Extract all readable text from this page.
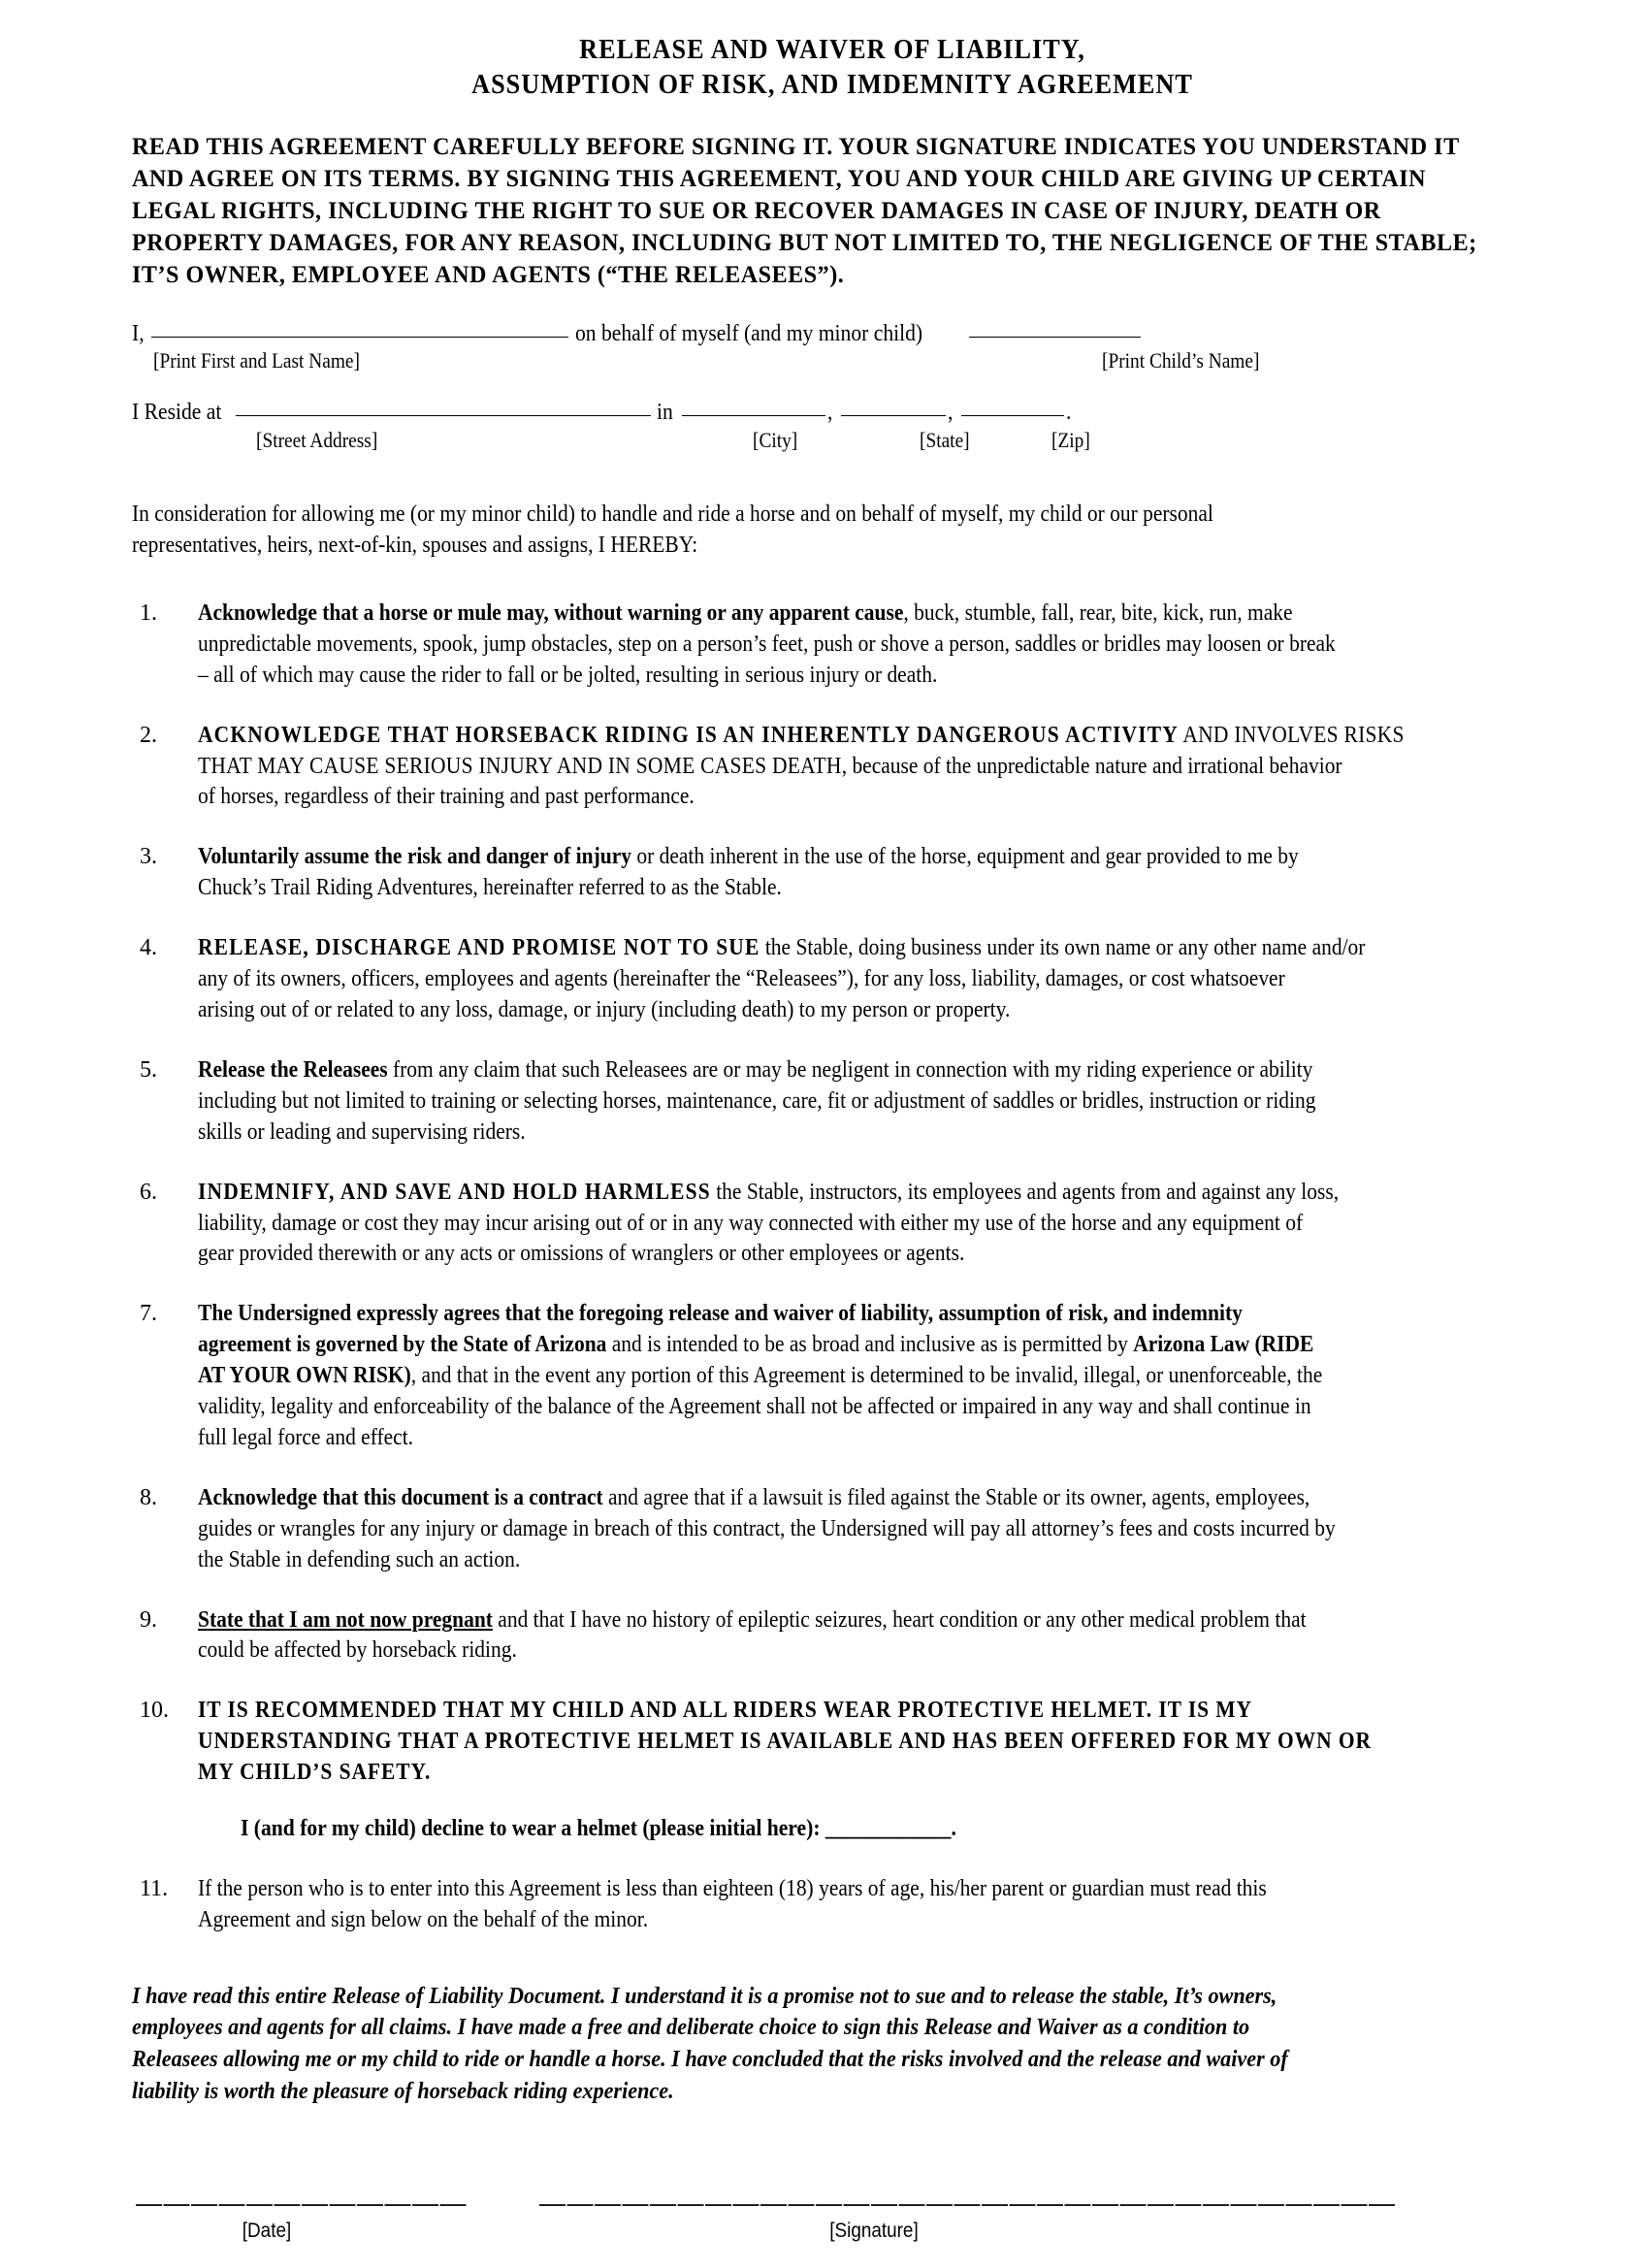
RELEASE AND WAIVER OF LIABILITY,
ASSUMPTION OF RISK, AND IMDEMNITY AGREEMENT
READ THIS AGREEMENT CAREFULLY BEFORE SIGNING IT. YOUR SIGNATURE INDICATES YOU UNDERSTAND IT
AND AGREE ON ITS TERMS. BY SIGNING THIS AGREEMENT, YOU AND YOUR CHILD ARE GIVING UP CERTAIN
LEGAL RIGHTS, INCLUDING THE RIGHT TO SUE OR RECOVER DAMAGES IN CASE OF INJURY, DEATH OR
PROPERTY DAMAGES, FOR ANY REASON, INCLUDING BUT NOT LIMITED TO, THE NEGLIGENCE OF THE STABLE;
IT’S OWNER, EMPLOYEE AND AGENTS (“THE RELEASEES”).
I,	on behalf of myself (and my minor child)
[Print First and Last Name]	[Print Child’s Name]
I Reside at	in	,	,	.
[Street Address]	[City]	[State]	[Zip]
In consideration for allowing me (or my minor child) to handle and ride a horse and on behalf of myself, my child or our personal
representatives, heirs, next-of-kin, spouses and assigns, I HEREBY:
1.	Acknowledge that a horse or mule may, without warning or any apparent cause, buck, stumble, fall, rear, bite, kick, run, make
unpredictable movements, spook, jump obstacles, step on a person’s feet, push or shove a person, saddles or bridles may loosen or break
– all of which may cause the rider to fall or be jolted, resulting in serious injury or death.
2.	ACKNOWLEDGE THAT HORSEBACK RIDING IS AN INHERENTLY DANGEROUS ACTIVITY AND INVOLVES RISKS
THAT MAY CAUSE SERIOUS INJURY AND IN SOME CASES DEATH, because of the unpredictable nature and irrational behavior
of horses, regardless of their training and past performance.
3.	Voluntarily assume the risk and danger of injury or death inherent in the use of the horse, equipment and gear provided to me by
Chuck’s Trail Riding Adventures, hereinafter referred to as the Stable.
4.	RELEASE, DISCHARGE AND PROMISE NOT TO SUE the Stable, doing business under its own name or any other name and/or
any of its owners, officers, employees and agents (hereinafter the “Releasees”), for any loss, liability, damages, or cost whatsoever
arising out of or related to any loss, damage, or injury (including death) to my person or property.
5.	Release the Releasees from any claim that such Releasees are or may be negligent in connection with my riding experience or ability
including but not limited to training or selecting horses, maintenance, care, fit or adjustment of saddles or bridles, instruction or riding
skills or leading and supervising riders.
6.	INDEMNIFY, AND SAVE AND HOLD HARMLESS the Stable, instructors, its employees and agents from and against any loss,
liability, damage or cost they may incur arising out of or in any way connected with either my use of the horse and any equipment of
gear provided therewith or any acts or omissions of wranglers or other employees or agents.
7.	The Undersigned expressly agrees that the foregoing release and waiver of liability, assumption of risk, and indemnity
agreement is governed by the State of Arizona and is intended to be as broad and inclusive as is permitted by Arizona Law (RIDE
AT YOUR OWN RISK), and that in the event any portion of this Agreement is determined to be invalid, illegal, or unenforceable, the
validity, legality and enforceability of the balance of the Agreement shall not be affected or impaired in any way and shall continue in
full legal force and effect.
8.	Acknowledge that this document is a contract and agree that if a lawsuit is filed against the Stable or its owner, agents, employees,
guides or wrangles for any injury or damage in breach of this contract, the Undersigned will pay all attorney’s fees and costs incurred by
the Stable in defending such an action.
9.	State that I am not now pregnant and that I have no history of epileptic seizures, heart condition or any other medical problem that
could be affected by horseback riding.
10.	IT IS RECOMMENDED THAT MY CHILD AND ALL RIDERS WEAR PROTECTIVE HELMET. IT IS MY
UNDERSTANDING THAT A PROTECTIVE HELMET IS AVAILABLE AND HAS BEEN OFFERED FOR MY OWN OR
MY CHILD’S SAFETY.
I (and for my child) decline to wear a helmet (please initial here): ____________.
11.	If the person who is to enter into this Agreement is less than eighteen (18) years of age, his/her parent or guardian must read this
Agreement and sign below on the behalf of the minor.
I have read this entire Release of Liability Document. I understand it is a promise not to sue and to release the stable, It’s owners,
employees and agents for all claims. I have made a free and deliberate choice to sign this Release and Waiver as a condition to
Releasees allowing me or my child to ride or handle a horse. I have concluded that the risks involved and the release and waiver of
liability is worth the pleasure of horseback riding experience.
————————————
[Date]
———————————————————————————————
[Signature]
